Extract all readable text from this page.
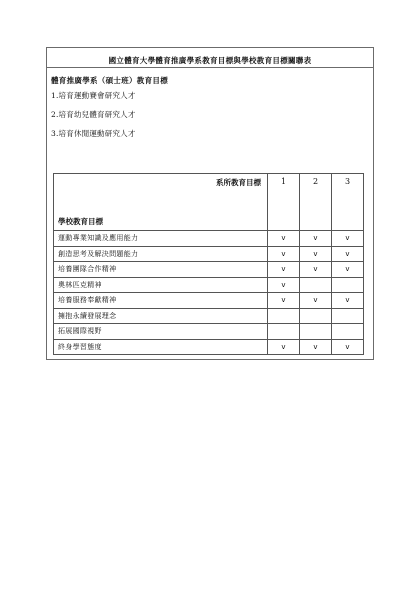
國立體育大學體育推廣學系教育目標與學校教育目標關聯表
體育推廣學系（碩士班）教育目標
1.培育運動賽會研究人才
2.培育幼兒體育研究人才
3.培育休閒運動研究人才
系所教育目標
學校教育目標	1	2	3
運動專業知識及應用能力	v	v	v
創造思考及解決問題能力	v	v	v
培養團隊合作精神	v	v	v
奧林匹克精神	v		
培養服務奉獻精神	v	v	v
擁抱永續發展理念			
拓展國際視野			
終身學習態度	v	v	v
